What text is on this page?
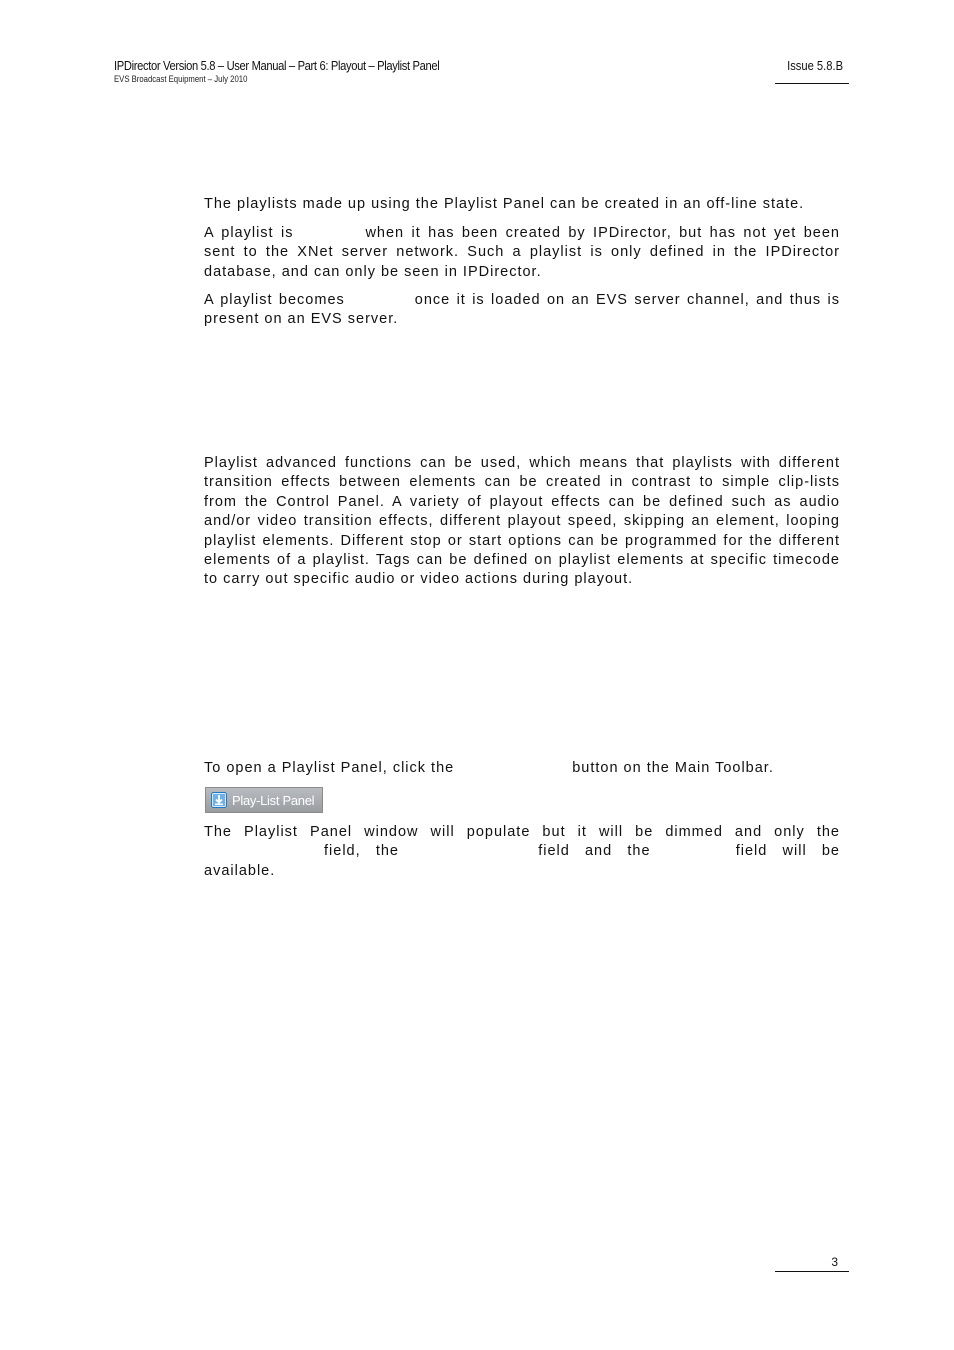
IPDirector Version 5.8 – User Manual – Part 6: Playout – Playlist Panel
EVS Broadcast Equipment – July 2010
Issue 5.8.B

The playlists made up using the Playlist Panel can be created in an off-line state.

A playlist is	when it has been created by IPDirector, but has not yet been sent to the XNet server network. Such a playlist is only defined in the IPDirector database, and can only be seen in IPDirector.

A playlist becomes	once it is loaded on an EVS server channel, and thus is present on an EVS server.

Playlist advanced functions can be used, which means that playlists with different transition effects between elements can be created in contrast to simple clip-lists from the Control Panel. A variety of playout effects can be defined such as audio and/or video transition effects, different playout speed, skipping an element, looping playlist elements. Different stop or start options can be programmed for the different elements of a playlist. Tags can be defined on playlist elements at specific timecode to carry out specific audio or video actions during playout.

To open a Playlist Panel, click the	button on the Main Toolbar.

Play-List Panel

The Playlist Panel window will populate but it will be dimmed and only the field, the	field and the	field will be available.

3
